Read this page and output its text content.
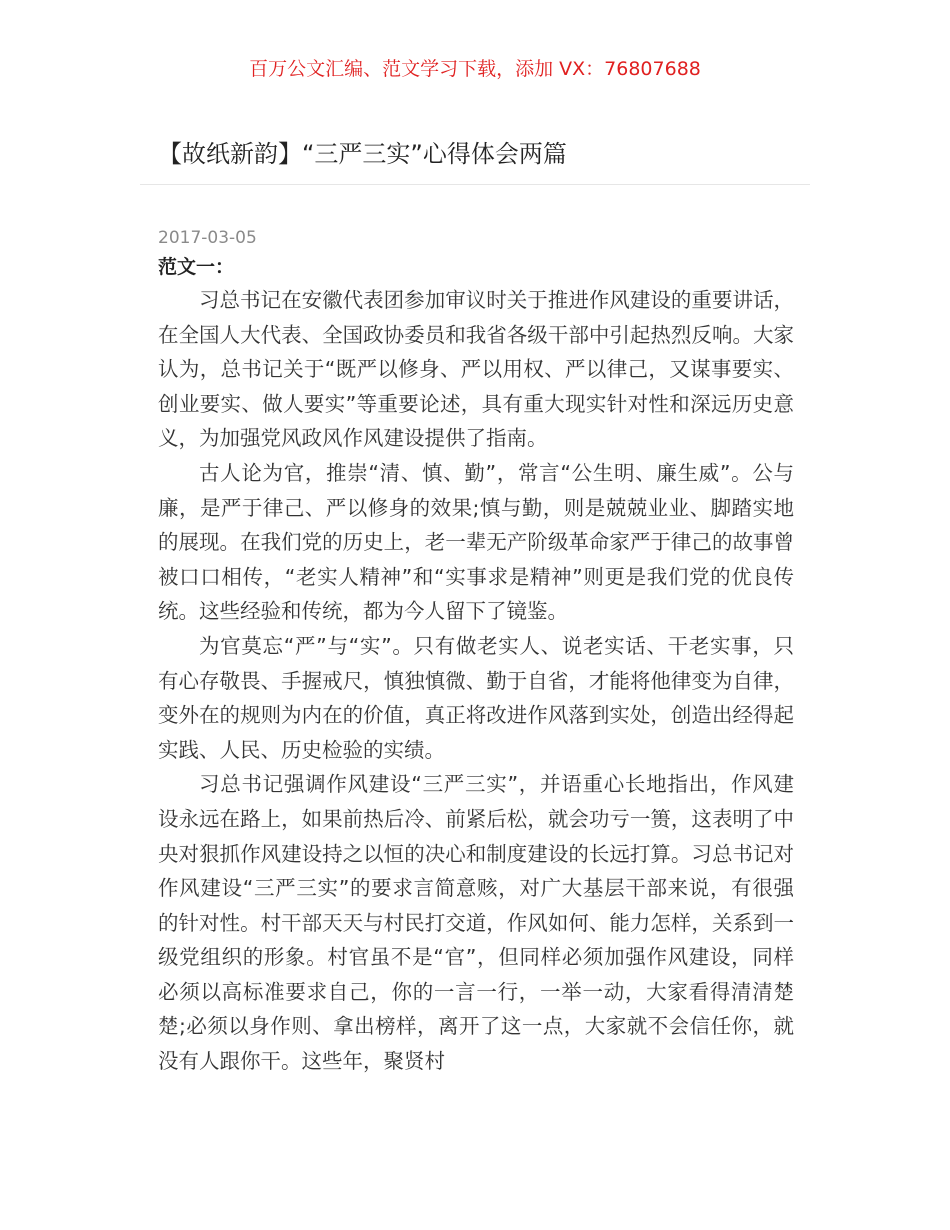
百万公文汇编、范文学习下载，添加 VX：76807688
【故纸新韵】“三严三实”心得体会两篇
2017-03-05

范文一：

习总书记在安徽代表团参加审议时关于推进作风建设的重要讲话，在全国人大代表、全国政协委员和我省各级干部中引起热烈反响。大家认为，总书记关于“既严以修身、严以用权、严以律己，又谋事要实、创业要实、做人要实”等重要论述，具有重大现实针对性和深远历史意义，为加强党风政风作风建设提供了指南。

古人论为官，推崇“清、慎、勤”，常言“公生明、廉生威”。公与廉，是严于律己、严以修身的效果;慎与勤，则是兢兢业业、脚踏实地的展现。在我们党的历史上，老一辈无产阶级革命家严于律己的故事曾被口口相传，“老实人精神”和“实事求是精神”则更是我们党的优良传统。这些经验和传统，都为今人留下了镜鉴。

为官莫忘“严”与“实”。只有做老实人、说老实话、干老实事，只有心存敬畏、手握戒尺，慎独慎微、勤于自省，才能将他律变为自律，变外在的规则为内在的价值，真正将改进作风落到实处，创造出经得起实践、人民、历史检验的实绩。

习总书记强调作风建设“三严三实”，并语重心长地指出，作风建设永远在路上，如果前热后冷、前紧后松，就会功亏一篑，这表明了中央对狠抓作风建设持之以恒的决心和制度建设的长远打算。习总书记对作风建设“三严三实”的要求言简意赅，对广大基层干部来说，有很强的针对性。村干部天天与村民打交道，作风如何、能力怎样，关系到一级党组织的形象。村官虽不是“官”，但同样必须加强作风建设，同样必须以高标准要求自己，你的一言一行，一举一动，大家看得清清楚楚;必须以身作则、拿出榜样，离开了这一点，大家就不会信任你，就没有人跟你干。这些年，聚贤村
